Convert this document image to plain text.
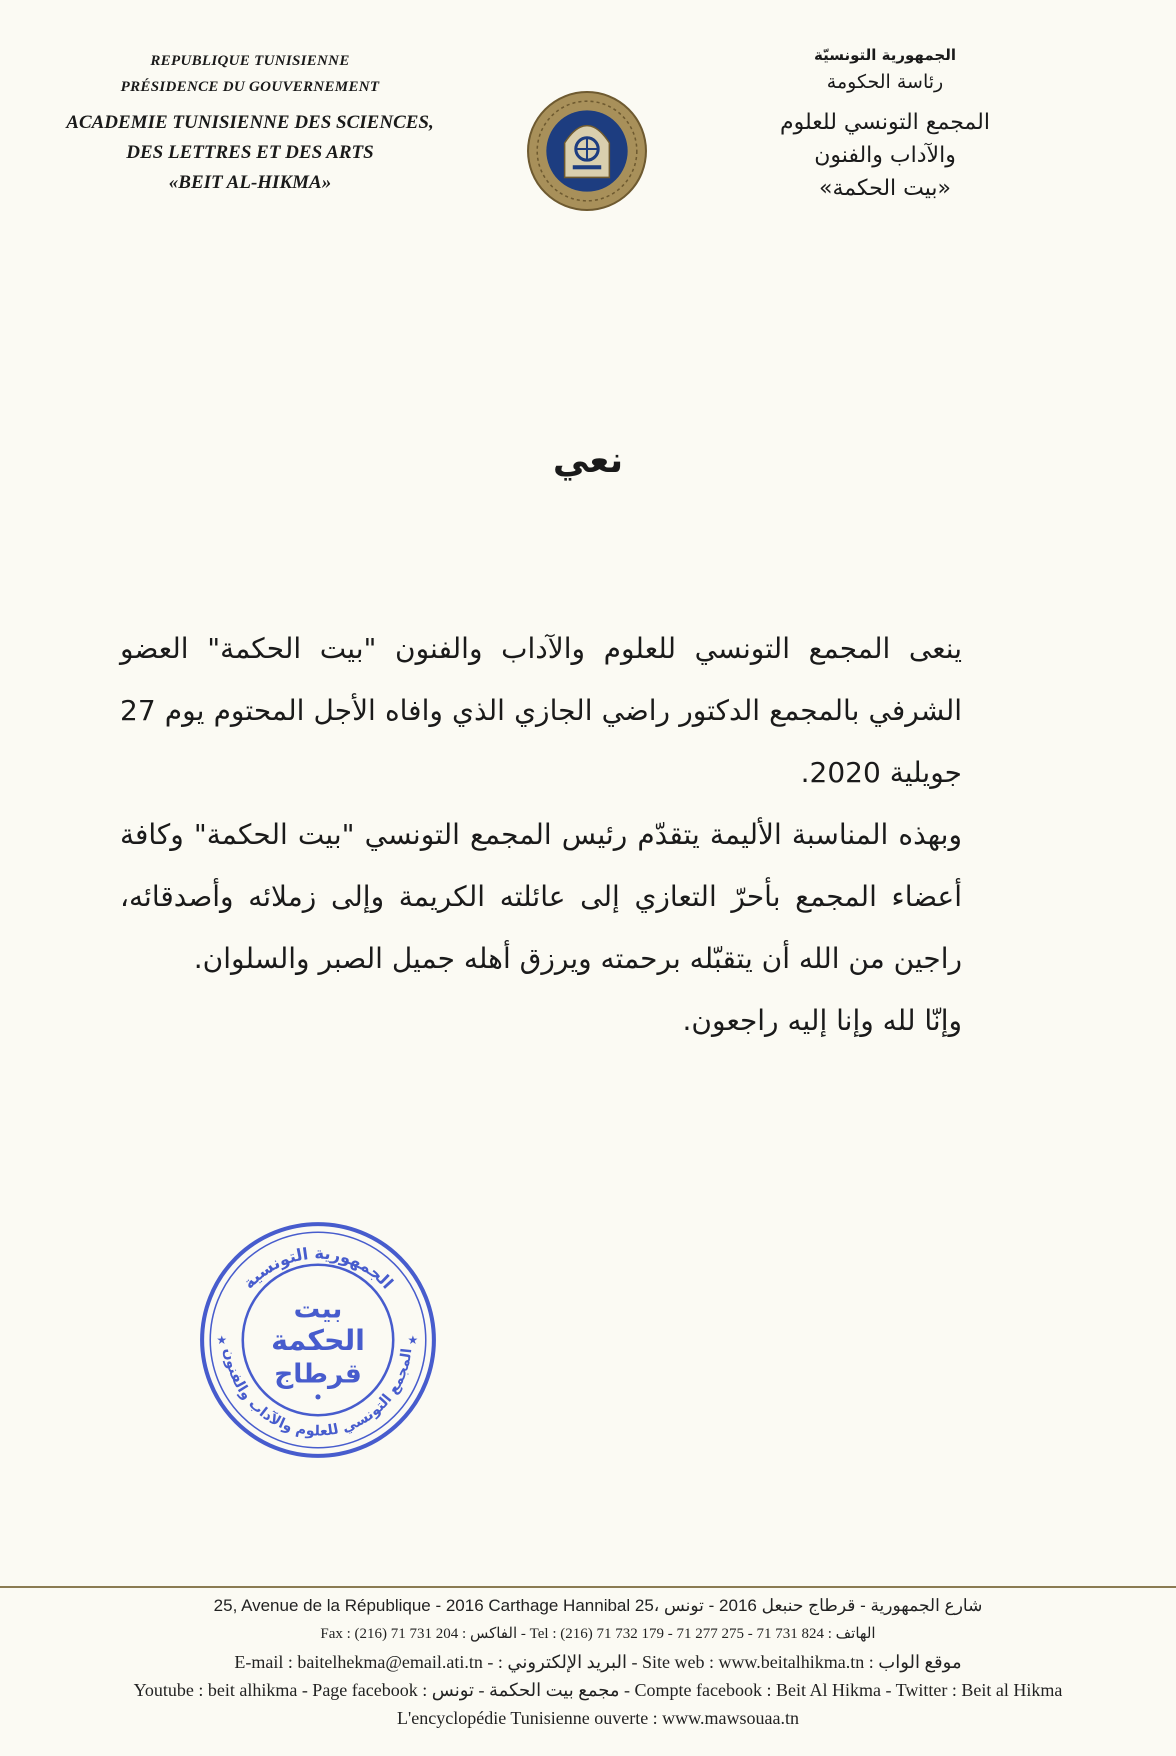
REPUBLIQUE TUNISIENNE
PRÉSIDENCE DU GOUVERNEMENT
ACADEMIE TUNISIENNE DES SCIENCES,
DES LETTRES ET DES ARTS
«BEIT AL-HIKMA»
الجمهورية التونسيّة
رئاسة الحكومة
المجمع التونسي للعلوم
والآداب والفنون
«بيت الحكمة»
نعي

ينعى المجمع التونسي للعلوم والآداب والفنون "بيت الحكمة" العضو الشرفي بالمجمع الدكتور راضي الجازي الذي وافاه الأجل المحتوم يوم 27 جويلية 2020.

وبهذه المناسبة الأليمة يتقدّم رئيس المجمع التونسي "بيت الحكمة" وكافة أعضاء المجمع بأحرّ التعازي إلى عائلته الكريمة وإلى زملائه وأصدقائه، راجين من الله أن يتقبّله برحمته ويرزق أهله جميل الصبر والسلوان.

وإنّا لله وإنا إليه راجعون.

الجمهورية التونسية
المجمع التونسي للعلوم والآداب والفنون
★	★
بيت
الحكمة
قرطاج
25, Avenue de la République - 2016 Carthage Hannibal 25، شارع الجمهورية - قرطاج حنبعل 2016 - تونس
Fax : (216) 71 731 204 : الفاكس - Tel : (216) 71 732 179 - 71 277 275 - 71 731 824 : الهاتف
E-mail : baitelhekma@email.ati.tn - : البريد الإلكتروني - Site web : www.beitalhikma.tn : موقع الواب
Youtube : beit alhikma - Page facebook : مجمع بيت الحكمة - تونس - Compte facebook : Beit Al Hikma - Twitter : Beit al Hikma
L'encyclopédie Tunisienne ouverte : www.mawsouaa.tn
